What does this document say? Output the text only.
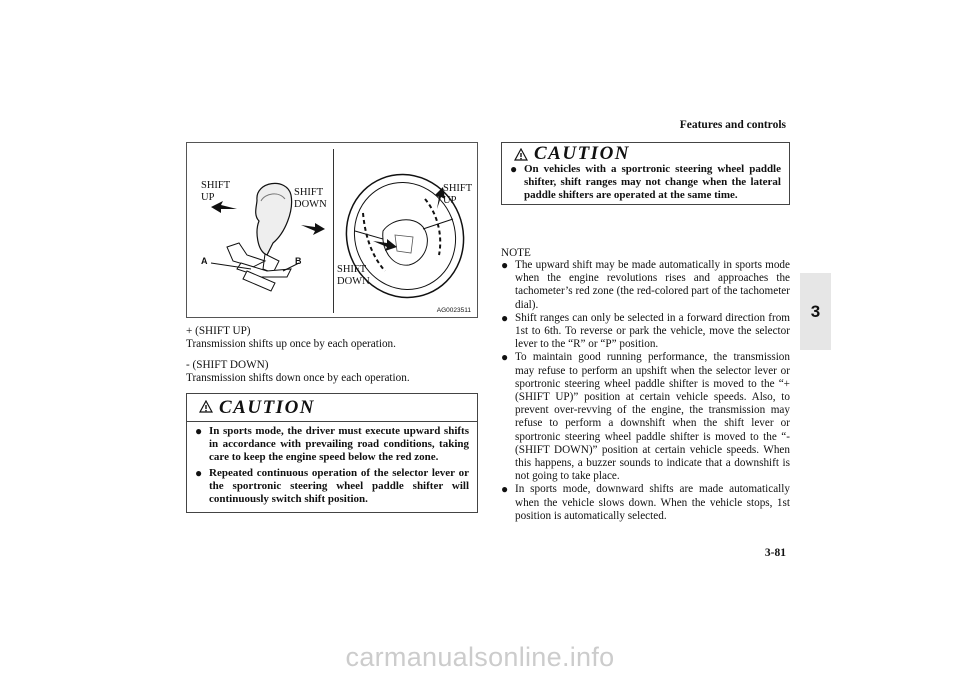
Features and controls
3
3-81
SHIFT
UP	SHIFT
DOWN
A	B
SHIFT
UP
SHIFT
DOWN
AG0023511
+ (SHIFT UP)
Transmission shifts up once by each operation.
- (SHIFT DOWN)
Transmission shifts down once by each operation.
CAUTION
● In sports mode, the driver must execute upward shifts in accordance with prevailing road conditions, taking care to keep the engine speed below the red zone.
● Repeated continuous operation of the selector lever or the sportronic steering wheel paddle shifter will continuously switch shift position.
CAUTION
● On vehicles with a sportronic steering wheel paddle shifter, shift ranges may not change when the lateral paddle shifters are operated at the same time.
NOTE
● The upward shift may be made automatically in sports mode when the engine revolutions rises and approaches the tachometer’s red zone (the red-colored part of the tachometer dial).
● Shift ranges can only be selected in a forward direction from 1st to 6th. To reverse or park the vehicle, move the selector lever to the “R” or “P” position.
● To maintain good running performance, the transmission may refuse to perform an upshift when the selector lever or sportronic steering wheel paddle shifter is moved to the “+ (SHIFT UP)” position at certain vehicle speeds. Also, to prevent over-revving of the engine, the transmission may refuse to perform a downshift when the shift lever or sportronic steering wheel paddle shifter is moved to the “- (SHIFT DOWN)” position at certain vehicle speeds. When this happens, a buzzer sounds to indicate that a downshift is not going to take place.
● In sports mode, downward shifts are made automatically when the vehicle slows down. When the vehicle stops, 1st position is automatically selected.
carmanualsonline.info
